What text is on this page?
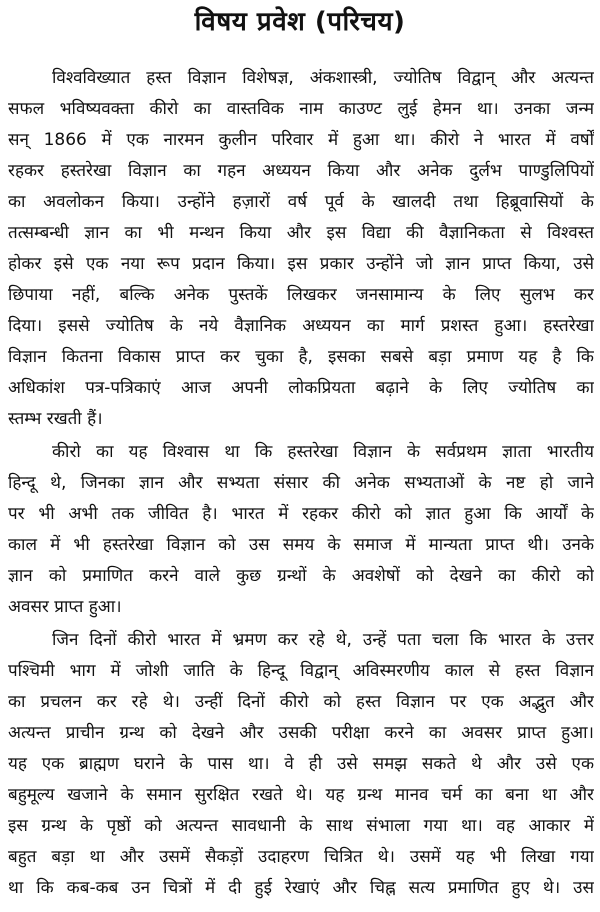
विषय प्रवेश (परिचय)
विश्वविख्यात हस्त विज्ञान विशेषज्ञ, अंकशास्त्री, ज्योतिष विद्वान् और अत्यन्त
सफल भविष्यवक्ता कीरो का वास्तविक नाम काउण्ट लुई हेमन था। उनका जन्म
सन् 1866 में एक नारमन कुलीन परिवार में हुआ था। कीरो ने भारत में वर्षों
रहकर हस्तरेखा विज्ञान का गहन अध्ययन किया और अनेक दुर्लभ पाण्डुलिपियों
का अवलोकन किया। उन्होंने हज़ारों वर्ष पूर्व के खालदी तथा हिब्रूवासियों के
तत्सम्बन्धी ज्ञान का भी मन्थन किया और इस विद्या की वैज्ञानिकता से विश्वस्त
होकर इसे एक नया रूप प्रदान किया। इस प्रकार उन्होंने जो ज्ञान प्राप्त किया, उसे
छिपाया नहीं, बल्कि अनेक पुस्तकें लिखकर जनसामान्य के लिए सुलभ कर
दिया। इससे ज्योतिष के नये वैज्ञानिक अध्ययन का मार्ग प्रशस्त हुआ। हस्तरेखा
विज्ञान कितना विकास प्राप्त कर चुका है, इसका सबसे बड़ा प्रमाण यह है कि
अधिकांश पत्र-पत्रिकाएं आज अपनी लोकप्रियता बढ़ाने के लिए ज्योतिष का
स्तम्भ रखती हैं।
कीरो का यह विश्वास था कि हस्तरेखा विज्ञान के सर्वप्रथम ज्ञाता भारतीय
हिन्दू थे, जिनका ज्ञान और सभ्यता संसार की अनेक सभ्यताओं के नष्ट हो जाने
पर भी अभी तक जीवित है। भारत में रहकर कीरो को ज्ञात हुआ कि आर्यों के
काल में भी हस्तरेखा विज्ञान को उस समय के समाज में मान्यता प्राप्त थी। उनके
ज्ञान को प्रमाणित करने वाले कुछ ग्रन्थों के अवशेषों को देखने का कीरो को
अवसर प्राप्त हुआ।
जिन दिनों कीरो भारत में भ्रमण कर रहे थे, उन्हें पता चला कि भारत के उत्तर
पश्चिमी भाग में जोशी जाति के हिन्दू विद्वान् अविस्मरणीय काल से हस्त विज्ञान
का प्रचलन कर रहे थे। उन्हीं दिनों कीरो को हस्त विज्ञान पर एक अद्भुत और
अत्यन्त प्राचीन ग्रन्थ को देखने और उसकी परीक्षा करने का अवसर प्राप्त हुआ।
यह एक ब्राह्मण घराने के पास था। वे ही उसे समझ सकते थे और उसे एक
बहुमूल्य खजाने के समान सुरक्षित रखते थे। यह ग्रन्थ मानव चर्म का बना था और
इस ग्रन्थ के पृष्ठों को अत्यन्त सावधानी के साथ संभाला गया था। वह आकार में
बहुत बड़ा था और उसमें सैकड़ों उदाहरण चित्रित थे। उसमें यह भी लिखा गया
था कि कब-कब उन चित्रों में दी हुई रेखाएं और चिह्न सत्य प्रमाणित हुए थे। उस
